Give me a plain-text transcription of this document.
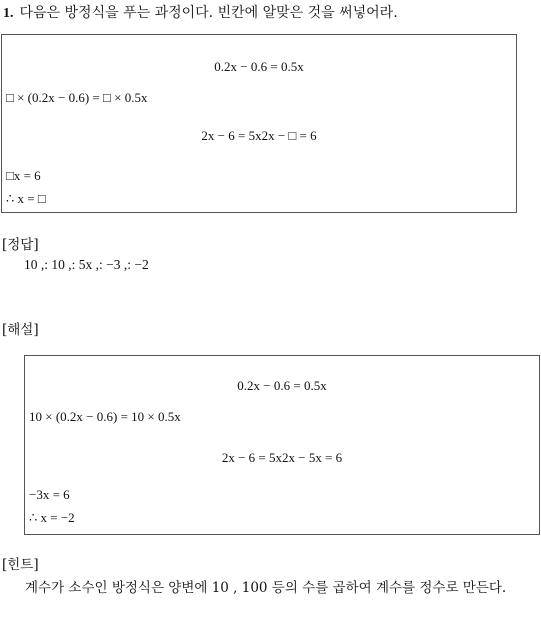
1. 다음은 방정식을 푸는 과정이다. 빈칸에 알맞은 것을 써넣어라.
0.2x − 0.6 = 0.5x
□ × (0.2x − 0.6) = □ × 0.5x
2x − 6 = 5x2x − □ = 6
□x = 6
∴ x = □
[정답]
10 ,: 10 ,: 5x ,: −3 ,: −2
[해설]
0.2x − 0.6 = 0.5x
10 × (0.2x − 0.6) = 10 × 0.5x
2x − 6 = 5x2x − 5x = 6
−3x = 6
∴ x = −2
[힌트]
계수가 소수인 방정식은 양변에 10 , 100 등의 수를 곱하여 계수를 정수로 만든다.
